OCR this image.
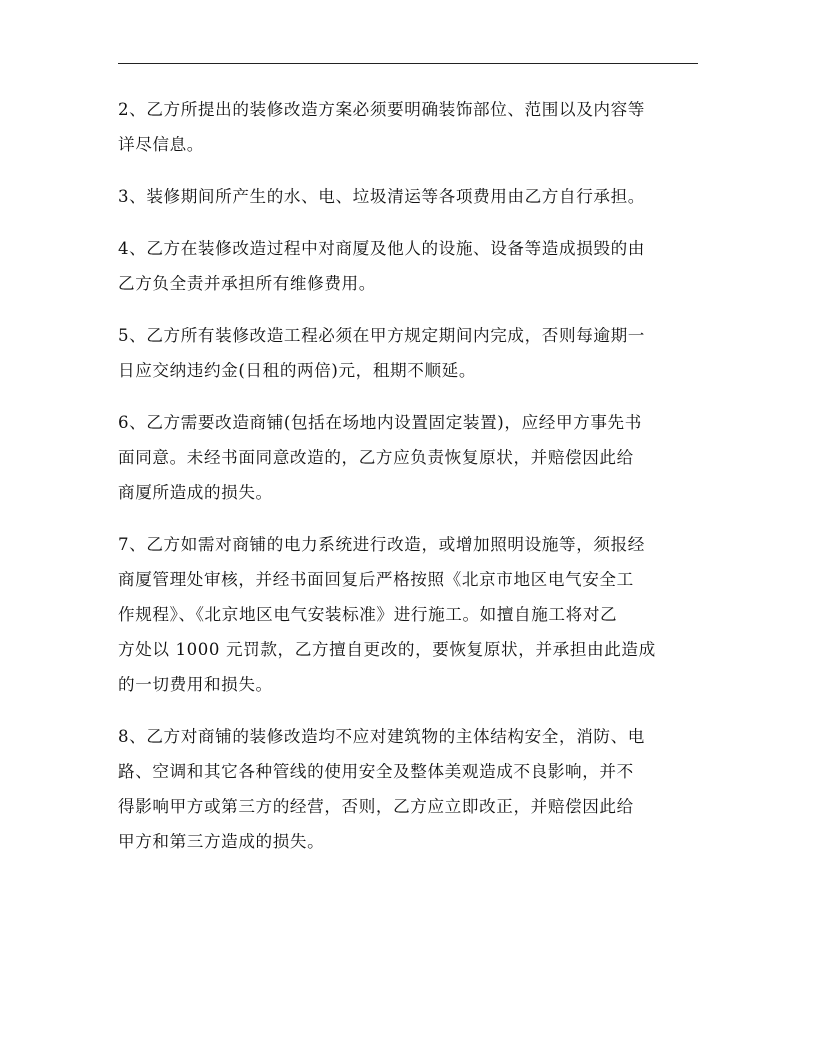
2、乙方所提出的装修改造方案必须要明确装饰部位、范围以及内容等
详尽信息。

3、装修期间所产生的水、电、垃圾清运等各项费用由乙方自行承担。

4、乙方在装修改造过程中对商厦及他人的设施、设备等造成损毁的由
乙方负全责并承担所有维修费用。

5、乙方所有装修改造工程必须在甲方规定期间内完成，否则每逾期一
日应交纳违约金(日租的两倍)元，租期不顺延。

6、乙方需要改造商铺(包括在场地内设置固定装置)，应经甲方事先书
面同意。未经书面同意改造的，乙方应负责恢复原状，并赔偿因此给
商厦所造成的损失。

7、乙方如需对商铺的电力系统进行改造，或增加照明设施等，须报经
商厦管理处审核，并经书面回复后严格按照《北京市地区电气安全工
作规程》、《北京地区电气安装标准》进行施工。如擅自施工将对乙
方处以 1000 元罚款，乙方擅自更改的，要恢复原状，并承担由此造成
的一切费用和损失。

8、乙方对商铺的装修改造均不应对建筑物的主体结构安全，消防、电
路、空调和其它各种管线的使用安全及整体美观造成不良影响，并不
得影响甲方或第三方的经营，否则，乙方应立即改正，并赔偿因此给
甲方和第三方造成的损失。
